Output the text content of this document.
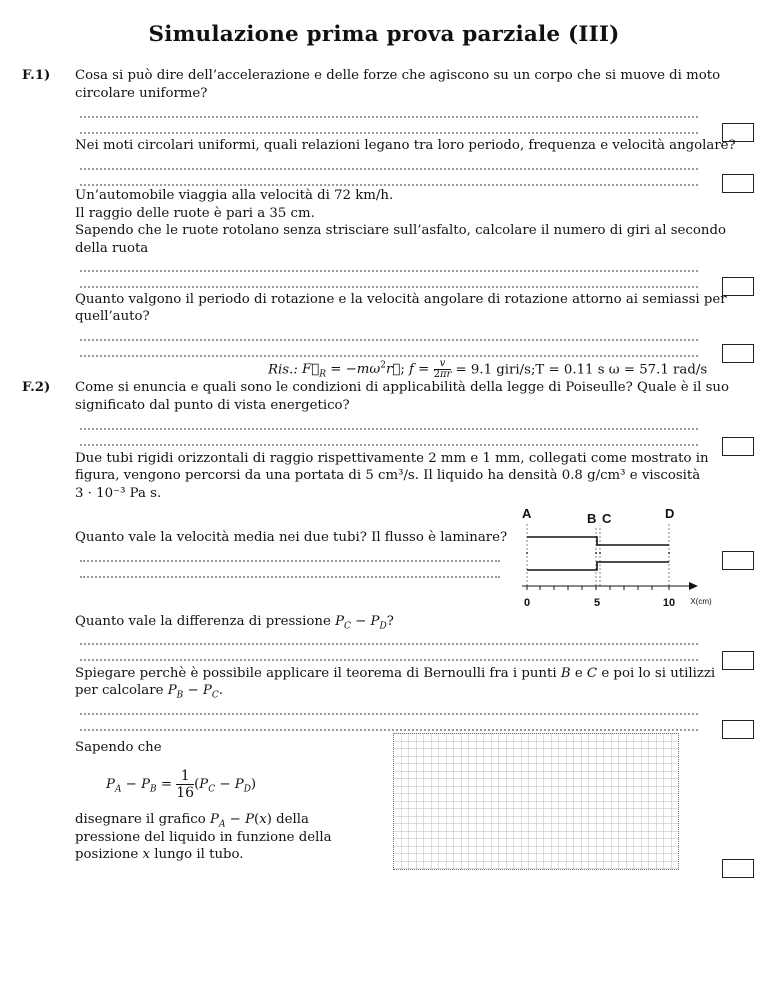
Simulazione prima prova parziale (III)
F.1) Cosa si può dire dell’accelerazione e delle forze che agiscono su un corpo che si muove di moto
circolare uniforme?
Nei moti circolari uniformi, quali relazioni legano tra loro periodo, frequenza e velocità angolare?
Un’automobile viaggia alla velocità di 72 km/h.
Il raggio delle ruote è pari a 35 cm.
Sapendo che le ruote rotolano senza strisciare sull’asfalto, calcolare il numero di giri al secondo
della ruota
Quanto valgono il periodo di rotazione e la velocità angolare di rotazione attorno ai semiassi per
quell’auto?
Ris.: $F⃗_R$ = $-m\omega^2r⃗$; $f = \frac{v}{2\pi r} = 9.1$ giri/s;T = 0.11 s ω = 57.1 rad/s
F.2) Come si enuncia e quali sono le condizioni di applicabilità della legge di Poiseulle? Quale è il suo
significato dal punto di vista energetico?
Due tubi rigidi orizzontali di raggio rispettivamente 2 mm e 1 mm, collegati come mostrato in
figura, vengono percorsi da una portata di 5 cm³/s. Il liquido ha densità 0.8 g/cm³ e viscosità
3 · 10⁻³ Pa s.
A	B C	D
0	5	10 X(cm)
Quanto vale la velocità media nei due tubi? Il flusso è laminare?
Quanto vale la differenza di pressione $P_C - P_D$?
Spiegare perchè è possibile applicare il teorema di Bernoulli fra i punti B e C e poi lo si utilizzi
per calcolare $P_B - P_C$.
Sapendo che
$P_A - P_B = \frac{1}{16}(P_C - P_D)$
disegnare il grafico $P_A - P(x)$ della
pressione del liquido in funzione della
posizione x lungo il tubo.
